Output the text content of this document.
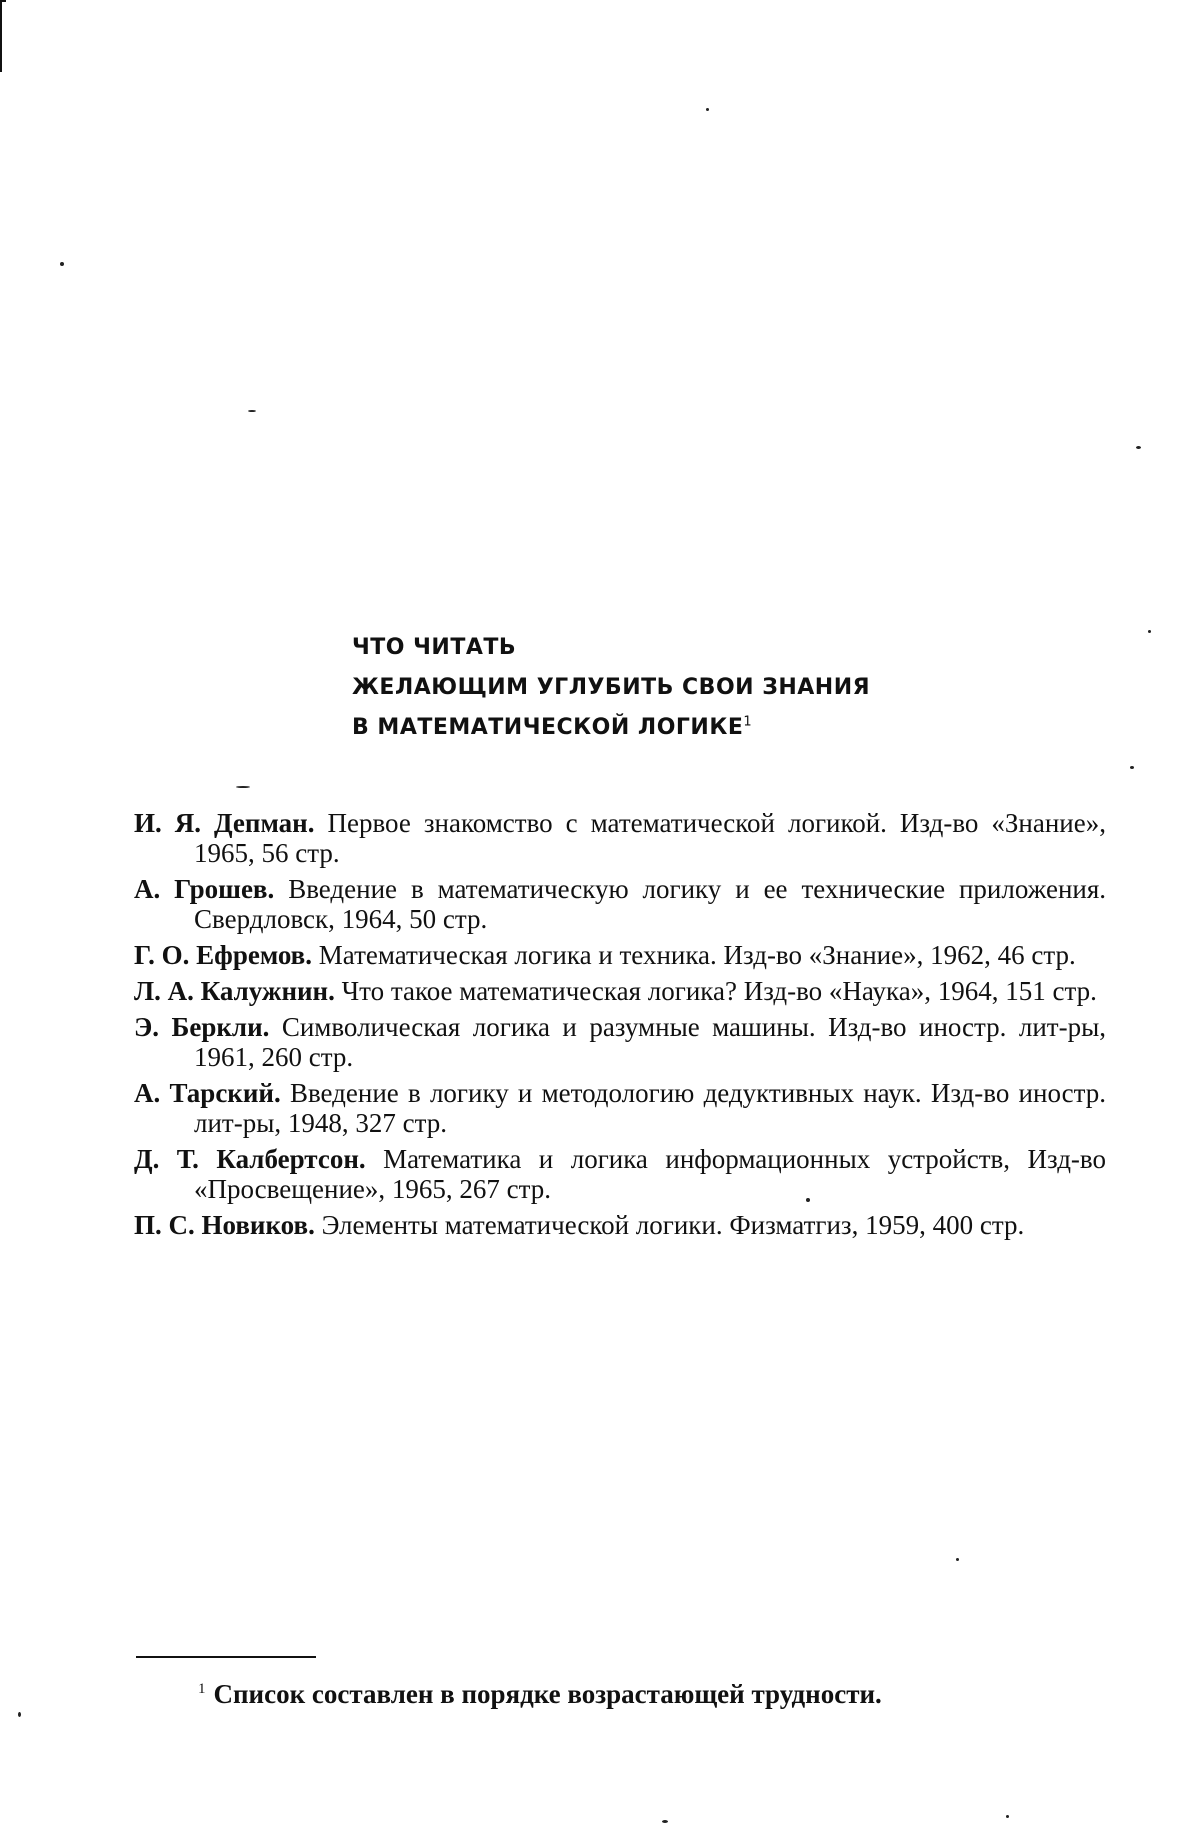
ЧТО ЧИТАТЬ
ЖЕЛАЮЩИМ УГЛУБИТЬ СВОИ ЗНАНИЯ
В МАТЕМАТИЧЕСКОЙ ЛОГИКЕ$^1$

И. Я. Депман. Первое знакомство с математической логикой. Изд-во «Знание», 1965, 56 стр.

А. Грошев. Введение в математическую логику и ее технические приложения. Свердловск, 1964, 50 стр.

Г. О. Ефремов. Математическая логика и техника. Изд-во «Знание», 1962, 46 стр.

Л. А. Калужнин. Что такое математическая логика? Изд-во «Наука», 1964, 151 стр.

Э. Беркли. Символическая логика и разумные машины. Изд-во иностр. лит-ры, 1961, 260 стр.

А. Тарский. Введение в логику и методологию дедуктивных наук. Изд-во иностр. лит-ры, 1948, 327 стр.

Д. Т. Калбертсон. Математика и логика информационных устройств, Изд-во «Просвещение», 1965, 267 стр.

П. С. Новиков. Элементы математической логики. Физматгиз, 1959, 400 стр.

$^1$ Список составлен в порядке возрастающей трудности.
